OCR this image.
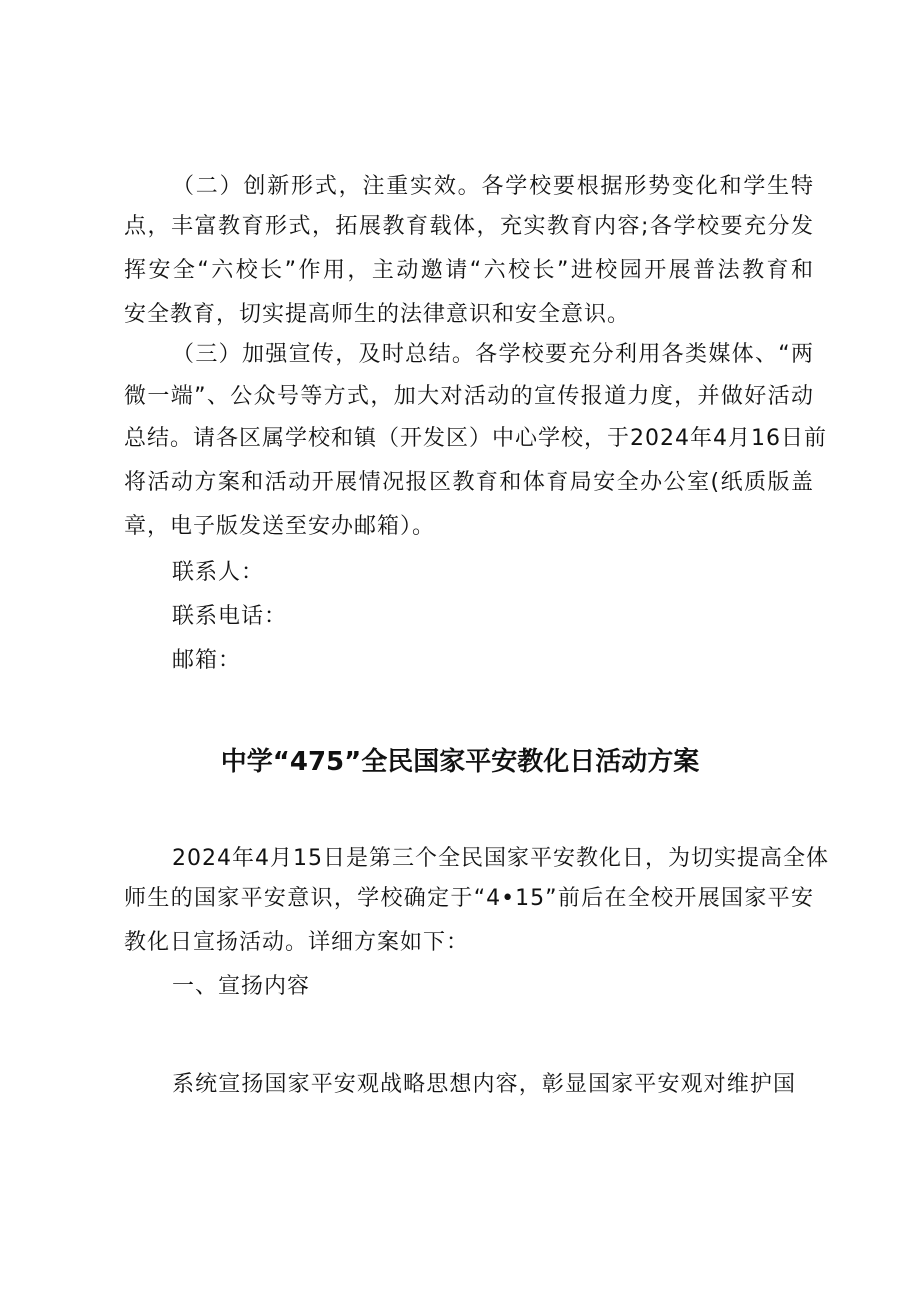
（二）创新形式，注重实效。各学校要根据形势变化和学生特
点，丰富教育形式，拓展教育载体，充实教育内容;各学校要充分发
挥安全“六校长”作用，主动邀请“六校长”进校园开展普法教育和
安全教育，切实提高师生的法律意识和安全意识。
（三）加强宣传，及时总结。各学校要充分利用各类媒体、“两
微一端”、公众号等方式，加大对活动的宣传报道力度，并做好活动
总结。请各区属学校和镇（开发区）中心学校，于2024年4月16日前
将活动方案和活动开展情况报区教育和体育局安全办公室(纸质版盖
章，电子版发送至安办邮箱）。
联系人：
联系电话：
邮箱：
中学“475”全民国家平安教化日活动方案
2024年4月15日是第三个全民国家平安教化日，为切实提高全体
师生的国家平安意识，学校确定于“4•15”前后在全校开展国家平安
教化日宣扬活动。详细方案如下：
一、宣扬内容
系统宣扬国家平安观战略思想内容，彰显国家平安观对维护国
